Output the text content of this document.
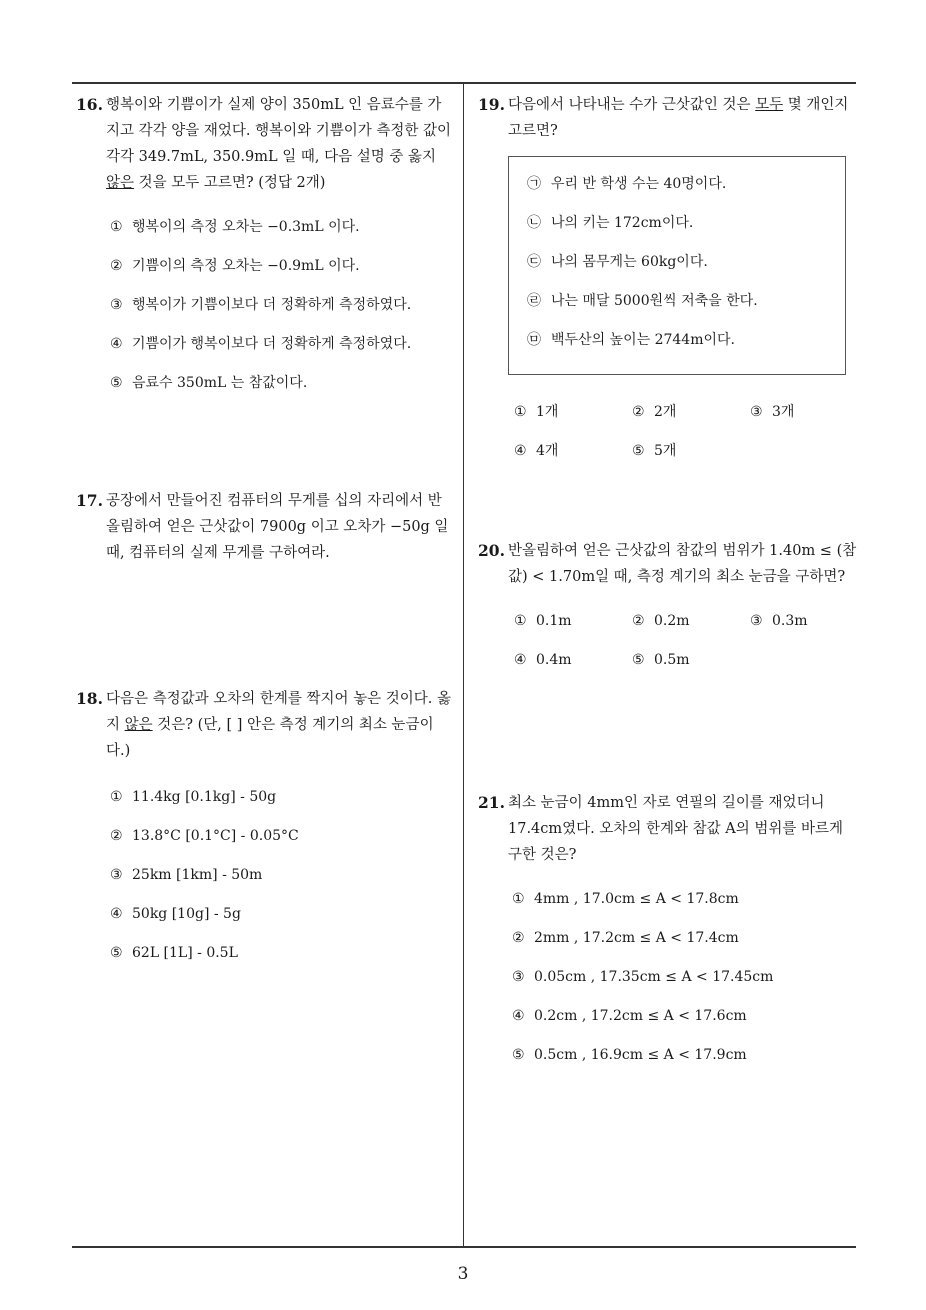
16. 행복이와 기쁨이가 실제 양이 350mL 인 음료수를 가지고 각각 양을 재었다. 행복이와 기쁨이가 측정한 값이 각각 349.7mL, 350.9mL 일 때, 다음 설명 중 옳지 않은 것을 모두 고르면? (정답 2개)
① 행복이의 측정 오차는 −0.3mL 이다.
② 기쁨이의 측정 오차는 −0.9mL 이다.
③ 행복이가 기쁨이보다 더 정확하게 측정하였다.
④ 기쁨이가 행복이보다 더 정확하게 측정하였다.
⑤ 음료수 350mL 는 참값이다.
17. 공장에서 만들어진 컴퓨터의 무게를 십의 자리에서 반올림하여 얻은 근삿값이 7900g 이고 오차가 −50g 일 때, 컴퓨터의 실제 무게를 구하여라.
18. 다음은 측정값과 오차의 한계를 짝지어 놓은 것이다. 옳지 않은 것은? (단, [ ] 안은 측정 계기의 최소 눈금이다.)
① 11.4kg [0.1kg] - 50g
② 13.8°C [0.1°C] - 0.05°C
③ 25km [1km] - 50m
④ 50kg [10g] - 5g
⑤ 62L [1L] - 0.5L
19. 다음에서 나타내는 수가 근삿값인 것은 모두 몇 개인지 고르면?
㉠ 우리 반 학생 수는 40명이다.
㉡ 나의 키는 172cm이다.
㉢ 나의 몸무게는 60kg이다.
㉣ 나는 매달 5000원씩 저축을 한다.
㉤ 백두산의 높이는 2744m이다.
① 1개	② 2개	③ 3개
④ 4개	⑤ 5개
20. 반올림하여 얻은 근삿값의 참값의 범위가 1.40m ≤ (참값) < 1.70m일 때, 측정 계기의 최소 눈금을 구하면?
① 0.1m	② 0.2m	③ 0.3m
④ 0.4m	⑤ 0.5m
21. 최소 눈금이 4mm인 자로 연필의 길이를 재었더니 17.4cm였다. 오차의 한계와 참값 A의 범위를 바르게 구한 것은?
① 4mm , 17.0cm ≤ A < 17.8cm
② 2mm , 17.2cm ≤ A < 17.4cm
③ 0.05cm , 17.35cm ≤ A < 17.45cm
④ 0.2cm , 17.2cm ≤ A < 17.6cm
⑤ 0.5cm , 16.9cm ≤ A < 17.9cm
3
